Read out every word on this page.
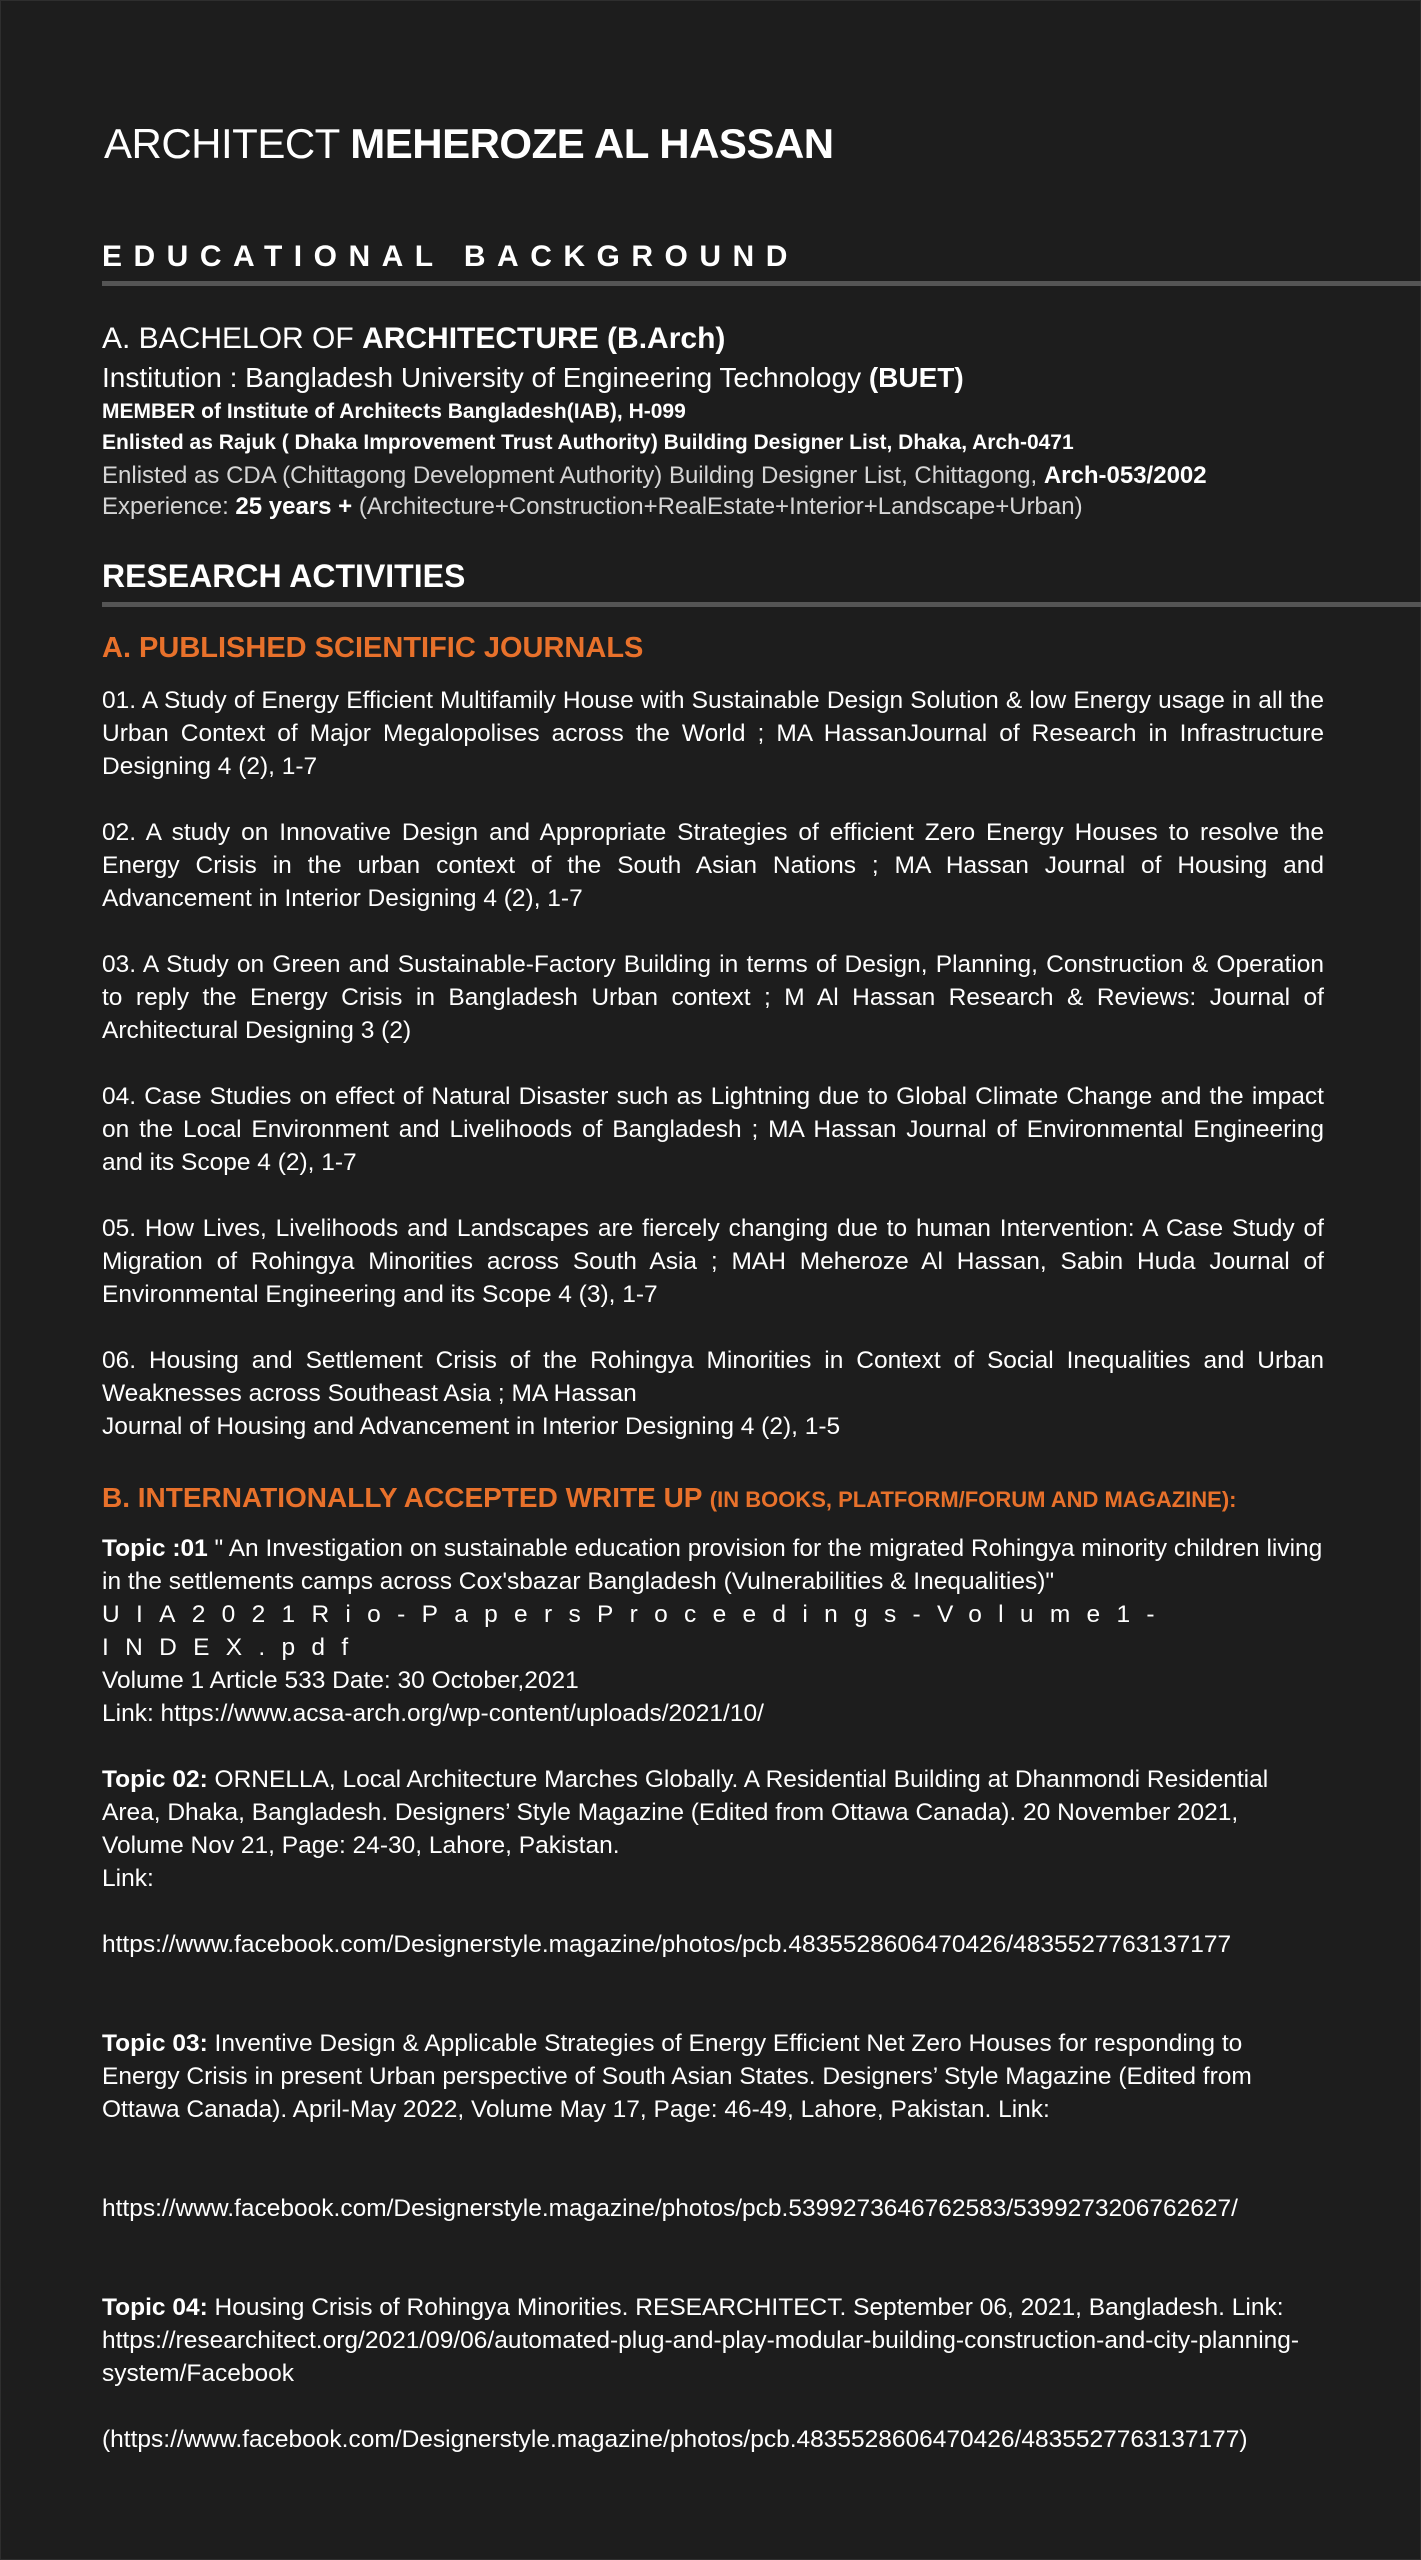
ARCHITECT MEHEROZE AL HASSAN
EDUCATIONAL BACKGROUND
A. BACHELOR OF ARCHITECTURE (B.Arch)
Institution : Bangladesh University of Engineering Technology (BUET)
MEMBER of Institute of Architects Bangladesh(IAB), H-099
Enlisted as Rajuk ( Dhaka Improvement Trust Authority) Building Designer List, Dhaka, Arch-0471
Enlisted as CDA (Chittagong Development Authority) Building Designer List, Chittagong, Arch-053/2002
Experience: 25 years + (Architecture+Construction+RealEstate+Interior+Landscape+Urban)
RESEARCH ACTIVITIES
A. PUBLISHED SCIENTIFIC JOURNALS
01. A Study of Energy Efficient Multifamily House with Sustainable Design Solution & low Energy usage in all the Urban Context of Major Megalopolises across the World ; MA HassanJournal of Research in Infrastructure Designing 4 (2), 1-7
02. A study on Innovative Design and Appropriate Strategies of efficient Zero Energy Houses to resolve the Energy Crisis in the urban context of the South Asian Nations ; MA Hassan Journal of Housing and Advancement in Interior Designing 4 (2), 1-7
03. A Study on Green and Sustainable-Factory Building in terms of Design, Planning, Construction & Operation to reply the Energy Crisis in Bangladesh Urban context ; M Al Hassan Research & Reviews: Journal of Architectural Designing 3 (2)
04. Case Studies on effect of Natural Disaster such as Lightning due to Global Climate Change and the impact on the Local Environment and Livelihoods of Bangladesh ; MA Hassan Journal of Environmental Engineering and its Scope 4 (2), 1-7
05. How Lives, Livelihoods and Landscapes are fiercely changing due to human Intervention: A Case Study of Migration of Rohingya Minorities across South Asia ; MAH Meheroze Al Hassan, Sabin Huda Journal of Environmental Engineering and its Scope 4 (3), 1-7
06. Housing and Settlement Crisis of the Rohingya Minorities in Context of Social Inequalities and Urban Weaknesses across Southeast Asia ; MA Hassan
Journal of Housing and Advancement in Interior Designing 4 (2), 1-5
B. INTERNATIONALLY ACCEPTED WRITE UP (IN BOOKS, PLATFORM/FORUM AND MAGAZINE):
Topic :01 " An Investigation on sustainable education provision for the migrated Rohingya minority children living in the settlements camps across Cox'sbazar Bangladesh (Vulnerabilities & Inequalities)"
UIA2021Rio-PapersProceedings-Volume1-INDEX.pdf
Volume 1 Article 533 Date: 30 October,2021
Link: https://www.acsa-arch.org/wp-content/uploads/2021/10/
Topic 02: ORNELLA, Local Architecture Marches Globally. A Residential Building at Dhanmondi Residential Area, Dhaka, Bangladesh. Designers’ Style Magazine (Edited from Ottawa Canada). 20 November 2021, Volume Nov 21, Page: 24-30, Lahore, Pakistan.
Link:
https://www.facebook.com/Designerstyle.magazine/photos/pcb.4835528606470426/4835527763137177
Topic 03: Inventive Design & Applicable Strategies of Energy Efficient Net Zero Houses for responding to Energy Crisis in present Urban perspective of South Asian States. Designers’ Style Magazine (Edited from Ottawa Canada). April-May 2022, Volume May 17, Page: 46-49, Lahore, Pakistan. Link:
https://www.facebook.com/Designerstyle.magazine/photos/pcb.5399273646762583/5399273206762627/
Topic 04: Housing Crisis of Rohingya Minorities. RESEARCHITECT. September 06, 2021, Bangladesh. Link: https://researchitect.org/2021/09/06/automated-plug-and-play-modular-building-construction-and-city-planning-system/Facebook
(https://www.facebook.com/Designerstyle.magazine/photos/pcb.4835528606470426/4835527763137177)
